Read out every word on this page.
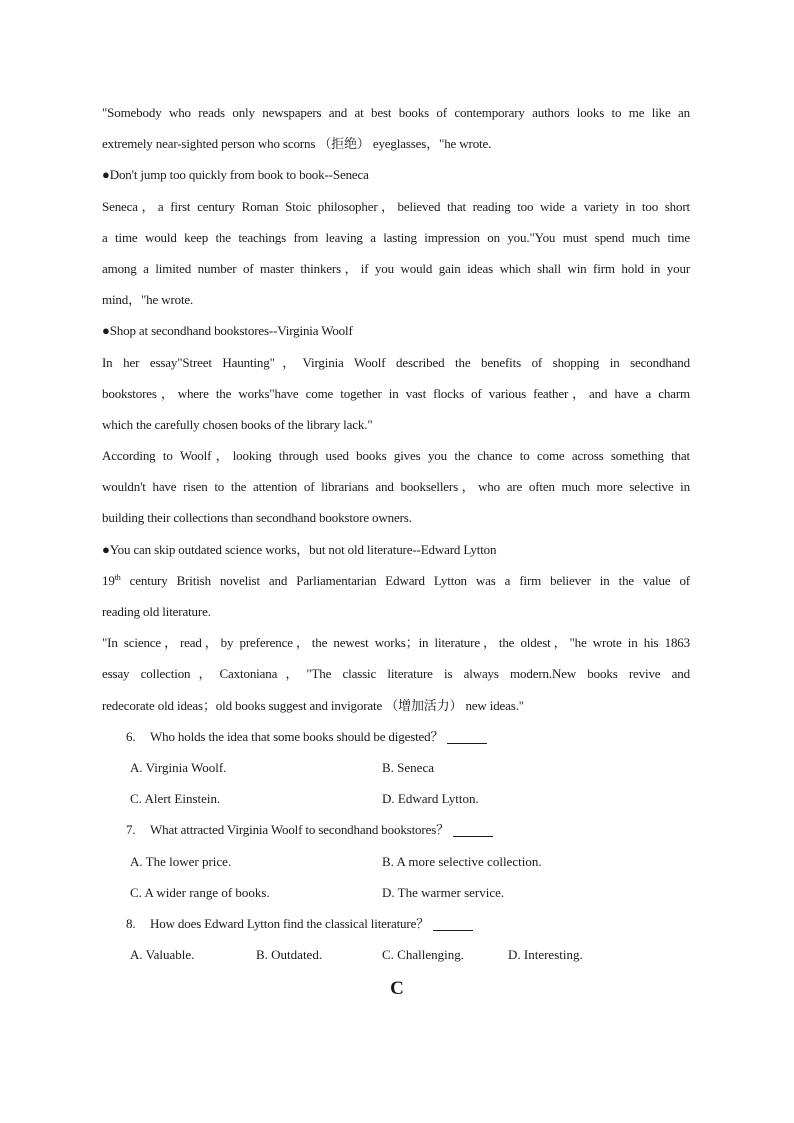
"Somebody who reads only newspapers and at best books of contemporary authors looks to me like an
extremely near-sighted person who scorns （拒绝） eyeglasses，"he wrote.
●Don't jump too quickly from book to book--Seneca
Seneca，a first century Roman Stoic philosopher，believed that reading too wide a variety in too short
a time would keep the teachings from leaving a lasting impression on you."You must spend much time
among a limited number of master thinkers，if you would gain ideas which shall win firm hold in your
mind，"he wrote.
●Shop at secondhand bookstores--Virginia Woolf
In her essay"Street Haunting"，Virginia Woolf described the benefits of shopping in secondhand
bookstores，where the works"have come together in vast flocks of various feather，and have a charm
which the carefully chosen books of the library lack."
According to Woolf，looking through used books gives you the chance to come across something that
wouldn't have risen to the attention of librarians and booksellers，who are often much more selective in
building their collections than secondhand bookstore owners.
●You can skip outdated science works，but not old literature--Edward Lytton
19th century British novelist and Parliamentarian Edward Lytton was a firm believer in the value of
reading old literature.
"In science，read，by preference，the newest works；in literature，the oldest，"he wrote in his 1863
essay collection，Caxtoniana，"The classic literature is always modern.New books revive and
redecorate old ideas；old books suggest and invigorate （增加活力） new ideas."
6. Who holds the idea that some books should be digested？
A. Virginia Woolf.	B. Seneca
C. Alert Einstein.	D. Edward Lytton.
7. What attracted Virginia Woolf to secondhand bookstores？
A. The lower price.	B. A more selective collection.
C. A wider range of books.	D. The warmer service.
8. How does Edward Lytton find the classical literature？
A. Valuable.	B. Outdated.	C. Challenging.	D. Interesting.
C
